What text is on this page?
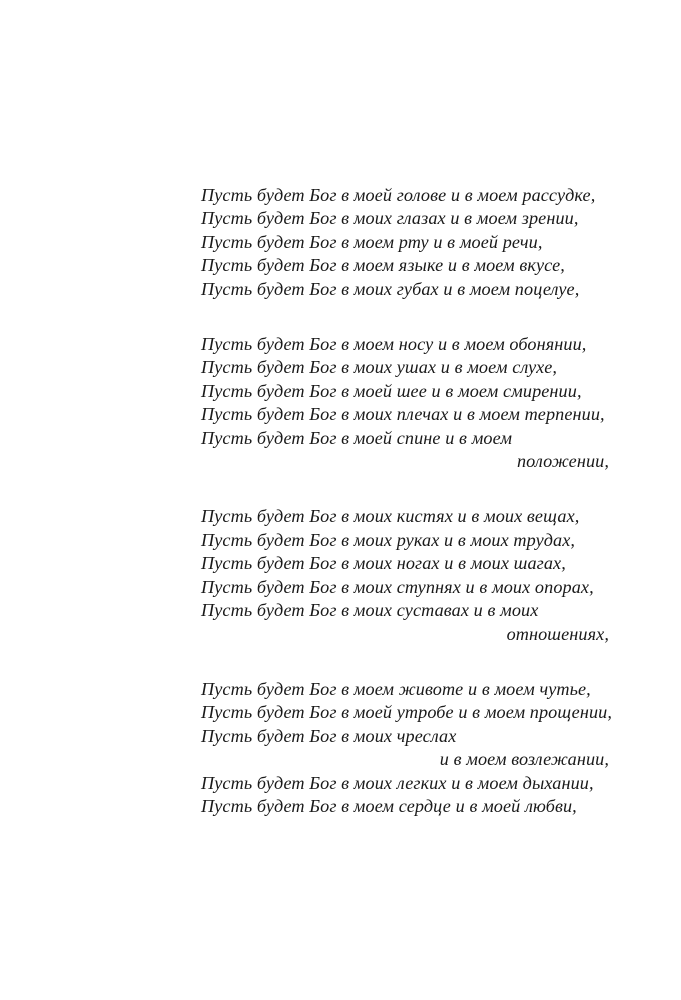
Пусть будет Бог в моей голове и в моем рассудке,
Пусть будет Бог в моих глазах и в моем зрении,
Пусть будет Бог в моем рту и в моей речи,
Пусть будет Бог в моем языке и в моем вкусе,
Пусть будет Бог в моих губах и в моем поцелуе,
Пусть будет Бог в моем носу и в моем обонянии,
Пусть будет Бог в моих ушах и в моем слухе,
Пусть будет Бог в моей шее и в моем смирении,
Пусть будет Бог в моих плечах и в моем терпении,
Пусть будет Бог в моей спине и в моем
положении,
Пусть будет Бог в моих кистях и в моих вещах,
Пусть будет Бог в моих руках и в моих трудах,
Пусть будет Бог в моих ногах и в моих шагах,
Пусть будет Бог в моих ступнях и в моих опорах,
Пусть будет Бог в моих суставах и в моих
отношениях,
Пусть будет Бог в моем животе и в моем чутье,
Пусть будет Бог в моей утробе и в моем прощении,
Пусть будет Бог в моих чреслах
и в моем возлежании,
Пусть будет Бог в моих легких и в моем дыхании,
Пусть будет Бог в моем сердце и в моей любви,
